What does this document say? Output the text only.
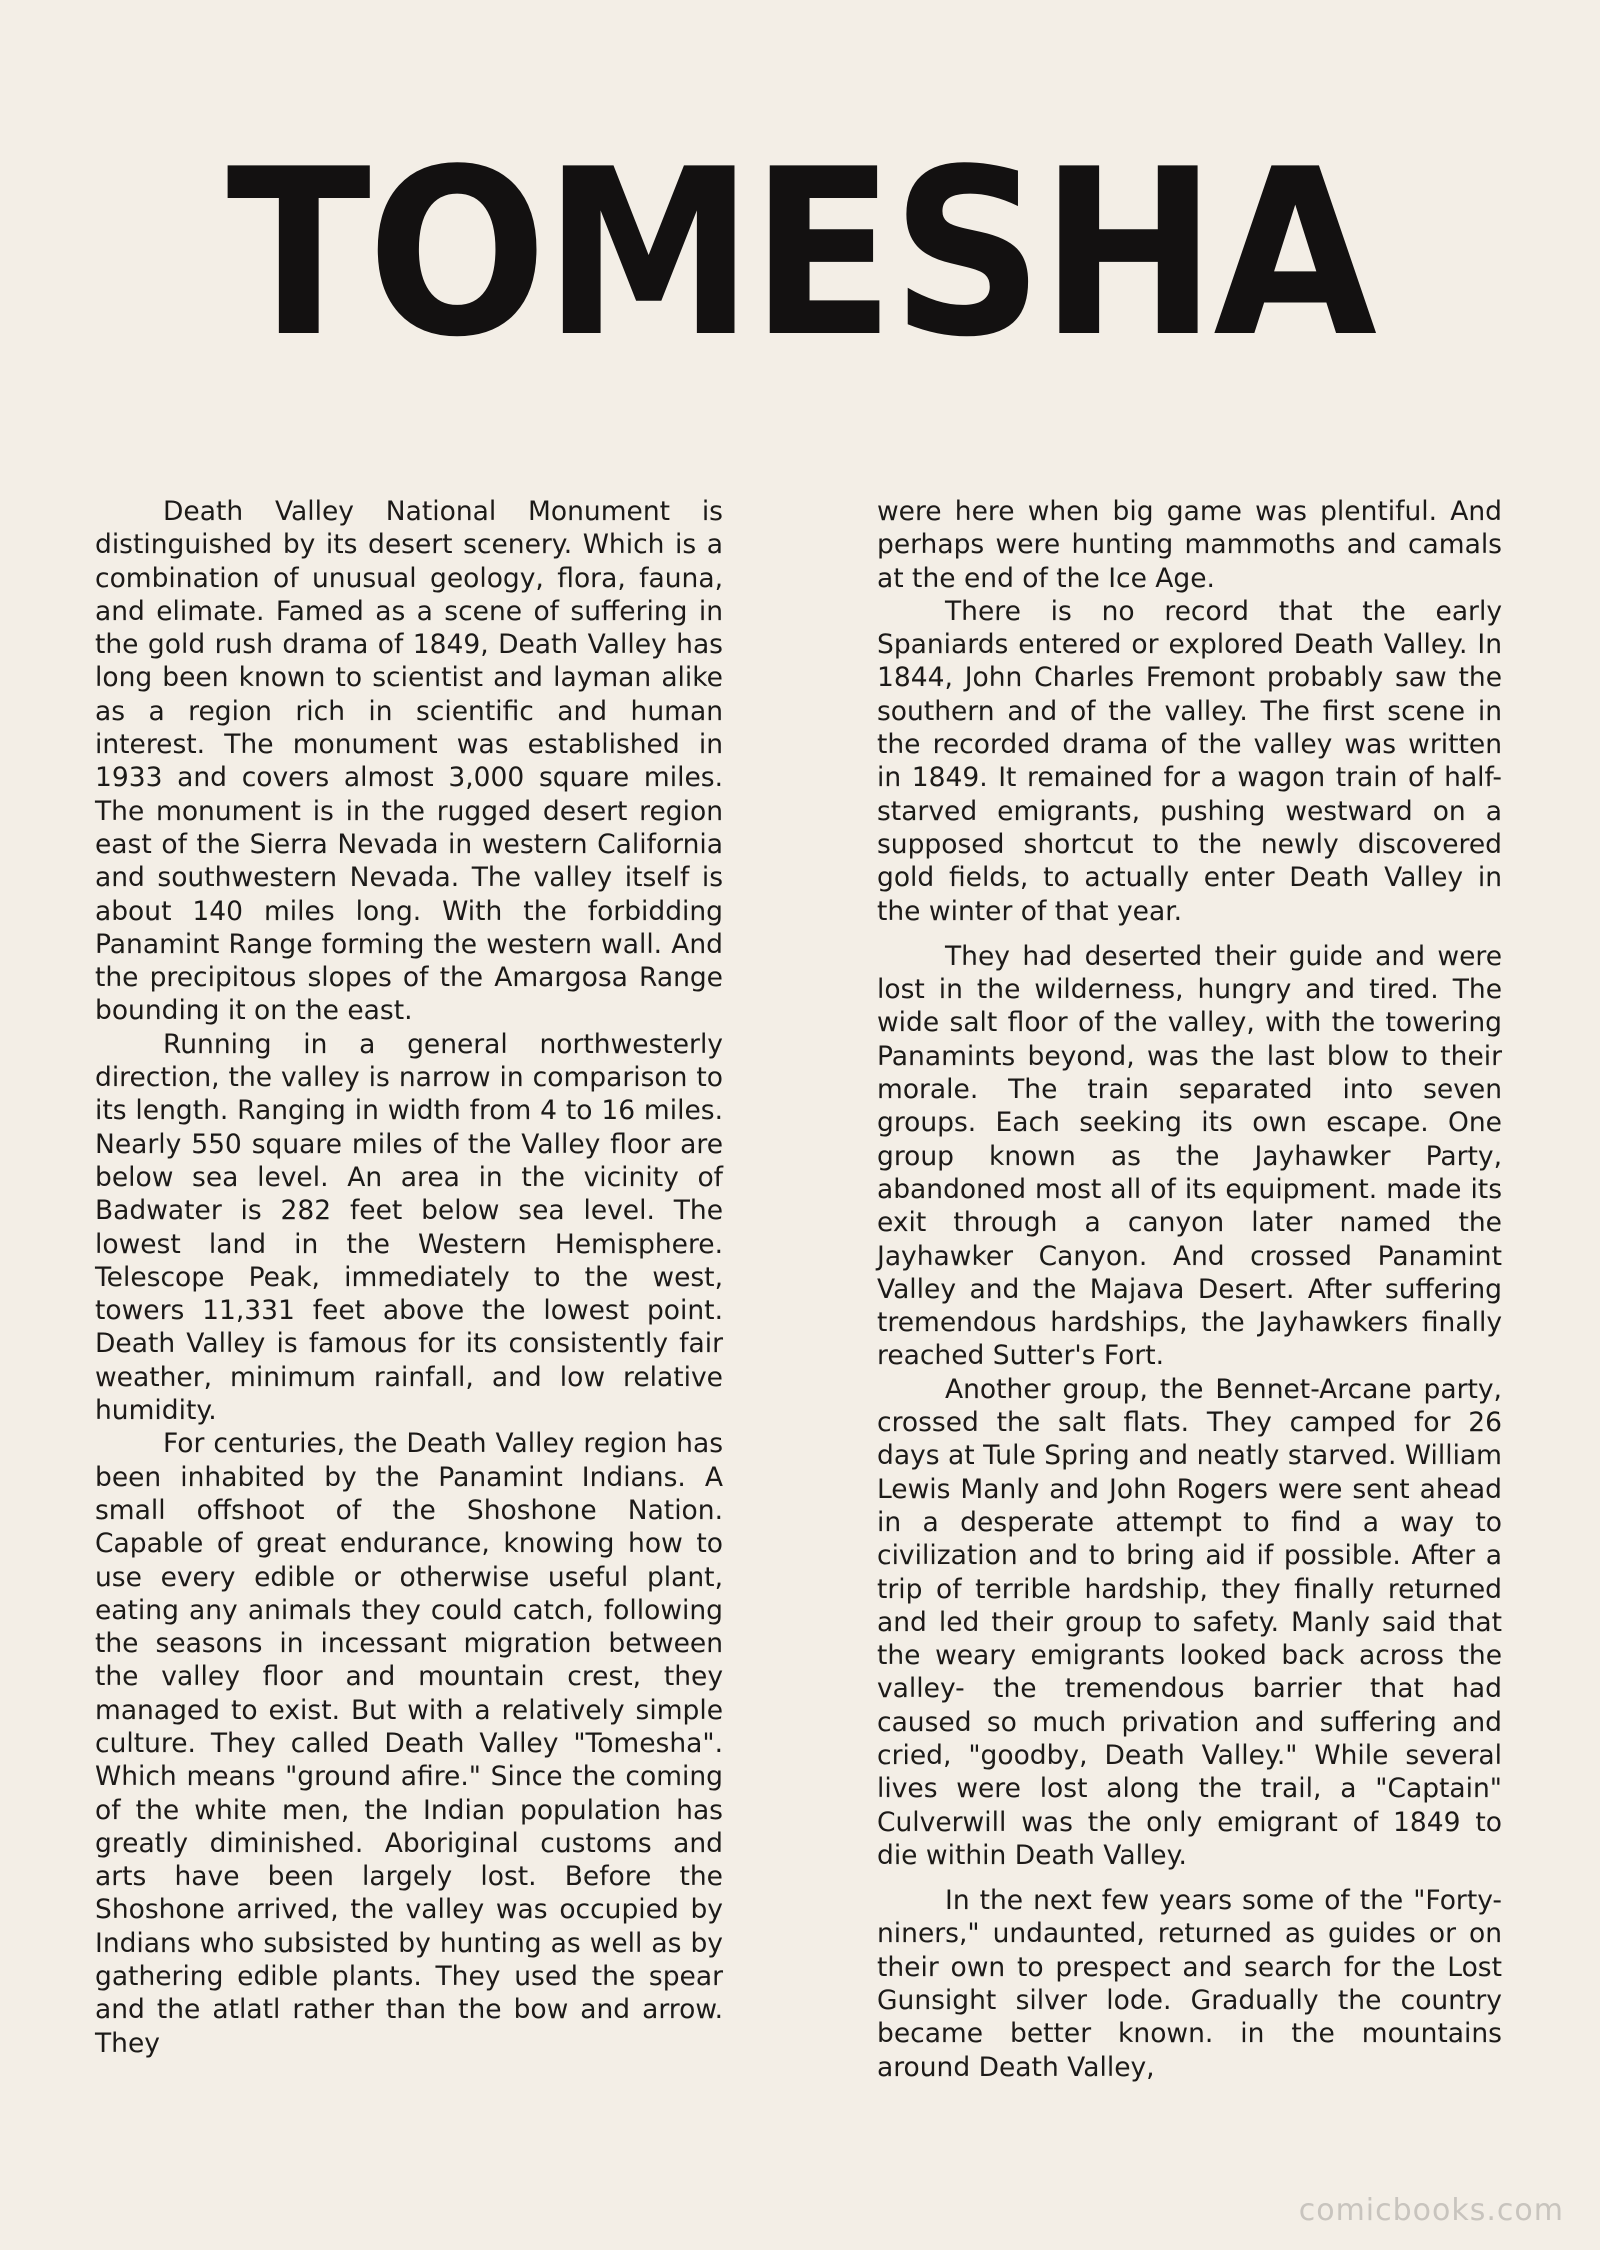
TOMESHA

Death Valley National Monument is distinguished by its desert scenery. Which is a combination of unusual geology, flora, fauna, and elimate. Famed as a scene of suffering in the gold rush drama of 1849, Death Valley has long been known to scientist and layman alike as a region rich in scientific and human interest. The monument was established in 1933 and covers almost 3,000 square miles. The monument is in the rugged desert region east of the Sierra Nevada in western California and southwestern Nevada. The valley itself is about 140 miles long. With the forbidding Panamint Range forming the western wall. And the precipitous slopes of the Amargosa Range bounding it on the east.

Running in a general northwesterly direction, the valley is narrow in comparison to its length. Ranging in width from 4 to 16 miles. Nearly 550 square miles of the Valley floor are below sea level. An area in the vicinity of Badwater is 282 feet below sea level. The lowest land in the Western Hemisphere. Telescope Peak, immediately to the west, towers 11,331 feet above the lowest point. Death Valley is famous for its consistently fair weather, minimum rainfall, and low relative humidity.

For centuries, the Death Valley region has been inhabited by the Panamint Indians. A small offshoot of the Shoshone Nation. Capable of great endurance, knowing how to use every edible or otherwise useful plant, eating any animals they could catch, following the seasons in incessant migration between the valley floor and mountain crest, they managed to exist. But with a relatively simple culture. They called Death Valley "Tomesha". Which means "ground afire." Since the coming of the white men, the Indian population has greatly diminished. Aboriginal customs and arts have been largely lost. Before the Shoshone arrived, the valley was occupied by Indians who subsisted by hunting as well as by gathering edible plants. They used the spear and the atlatl rather than the bow and arrow. They

were here when big game was plentiful. And perhaps were hunting mammoths and camals at the end of the Ice Age.

There is no record that the early Spaniards entered or explored Death Valley. In 1844, John Charles Fremont probably saw the southern and of the valley. The first scene in the recorded drama of the valley was written in 1849. It remained for a wagon train of half-starved emigrants, pushing westward on a supposed shortcut to the newly discovered gold fields, to actually enter Death Valley in the winter of that year.

They had deserted their guide and were lost in the wilderness, hungry and tired. The wide salt floor of the valley, with the towering Panamints beyond, was the last blow to their morale. The train separated into seven groups. Each seeking its own escape. One group known as the Jayhawker Party, abandoned most all of its equipment. made its exit through a canyon later named the Jayhawker Canyon. And crossed Panamint Valley and the Majava Desert. After suffering tremendous hardships, the Jayhawkers finally reached Sutter's Fort.

Another group, the Bennet-Arcane party, crossed the salt flats. They camped for 26 days at Tule Spring and neatly starved. William Lewis Manly and John Rogers were sent ahead in a desperate attempt to find a way to civilization and to bring aid if possible. After a trip of terrible hardship, they finally returned and led their group to safety. Manly said that the weary emigrants looked back across the valley- the tremendous barrier that had caused so much privation and suffering and cried, "goodby, Death Valley." While several lives were lost along the trail, a "Captain" Culverwill was the only emigrant of 1849 to die within Death Valley.

In the next few years some of the "Forty-niners," undaunted, returned as guides or on their own to prespect and search for the Lost Gunsight silver lode. Gradually the country became better known. in the mountains around Death Valley,

comicbooks.com
